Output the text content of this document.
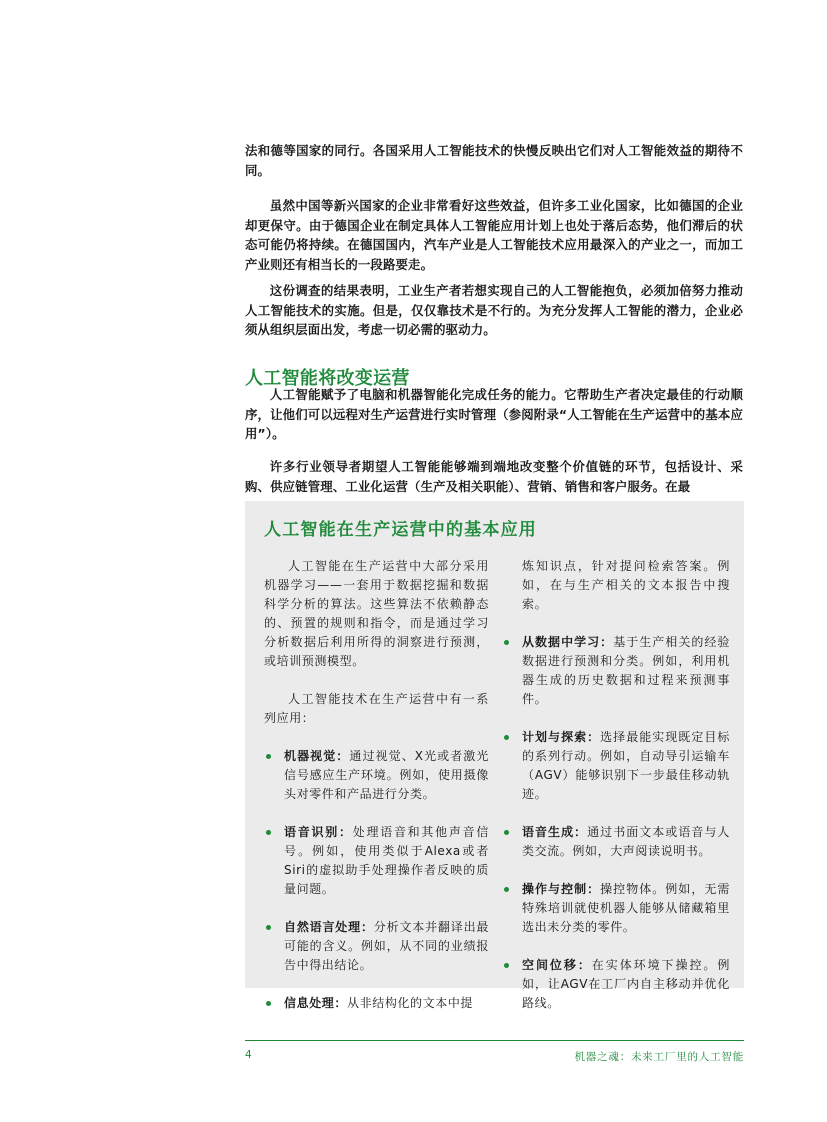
法和德等国家的同行。各国采用人工智能技术的快慢反映出它们对人工智能效益的期待不同。

虽然中国等新兴国家的企业非常看好这些效益，但许多工业化国家，比如德国的企业却更保守。由于德国企业在制定具体人工智能应用计划上也处于落后态势，他们滞后的状态可能仍将持续。在德国国内，汽车产业是人工智能技术应用最深入的产业之一，而加工产业则还有相当长的一段路要走。

这份调查的结果表明，工业生产者若想实现自己的人工智能抱负，必须加倍努力推动人工智能技术的实施。但是，仅仅靠技术是不行的。为充分发挥人工智能的潜力，企业必须从组织层面出发，考虑一切必需的驱动力。

人工智能将改变运营

人工智能赋予了电脑和机器智能化完成任务的能力。它帮助生产者决定最佳的行动顺序，让他们可以远程对生产运营进行实时管理（参阅附录“人工智能在生产运营中的基本应用”）。

许多行业领导者期望人工智能能够端到端地改变整个价值链的环节，包括设计、采购、供应链管理、工业化运营（生产及相关职能）、营销、销售和客户服务。在最

人工智能在生产运营中的基本应用

人工智能在生产运营中大部分采用机器学习——一套用于数据挖掘和数据科学分析的算法。这些算法不依赖静态的、预置的规则和指令，而是通过学习分析数据后利用所得的洞察进行预测，或培训预测模型。

人工智能技术在生产运营中有一系列应用：

机器视觉：通过视觉、X光或者激光信号感应生产环境。例如，使用摄像头对零件和产品进行分类。
语音识别：处理语音和其他声音信号。例如，使用类似于Alexa或者Siri的虚拟助手处理操作者反映的质量问题。
自然语言处理：分析文本并翻译出最可能的含义。例如，从不同的业绩报告中得出结论。
信息处理：从非结构化的文本中提

炼知识点，针对提问检索答案。例如，在与生产相关的文本报告中搜索。

从数据中学习：基于生产相关的经验数据进行预测和分类。例如，利用机器生成的历史数据和过程来预测事件。
计划与探索：选择最能实现既定目标的系列行动。例如，自动导引运输车（AGV）能够识别下一步最佳移动轨迹。
语音生成：通过书面文本或语音与人类交流。例如，大声阅读说明书。
操作与控制：操控物体。例如，无需特殊培训就使机器人能够从储藏箱里选出未分类的零件。
空间位移：在实体环境下操控。例如，让AGV在工厂内自主移动并优化路线。
4	机器之魂：未来工厂里的人工智能
